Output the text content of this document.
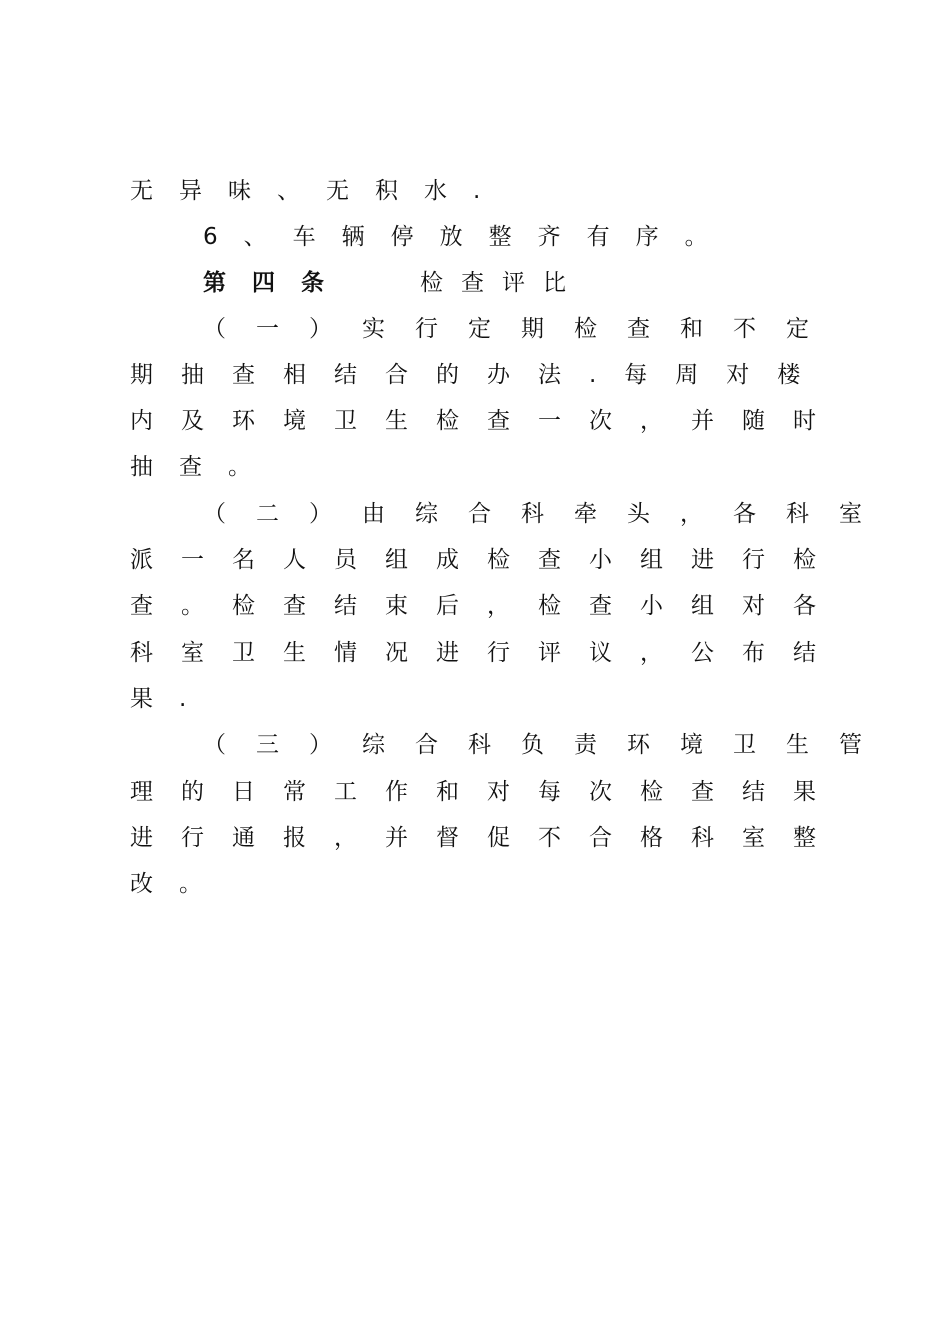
无异味、无积水.
6、车辆停放整齐有序。
第四条	检查评比
（一）实行定期检查和不定
期抽查相结合的办法.每周对楼
内及环境卫生检查一次，并随时
抽查。
（二）由综合科牵头，各科室
派一名人员组成检查小组进行检
查。检查结束后，检查小组对各
科室卫生情况进行评议，公布结
果.
（三）综合科负责环境卫生管
理的日常工作和对每次检查结果
进行通报，并督促不合格科室整
改。
